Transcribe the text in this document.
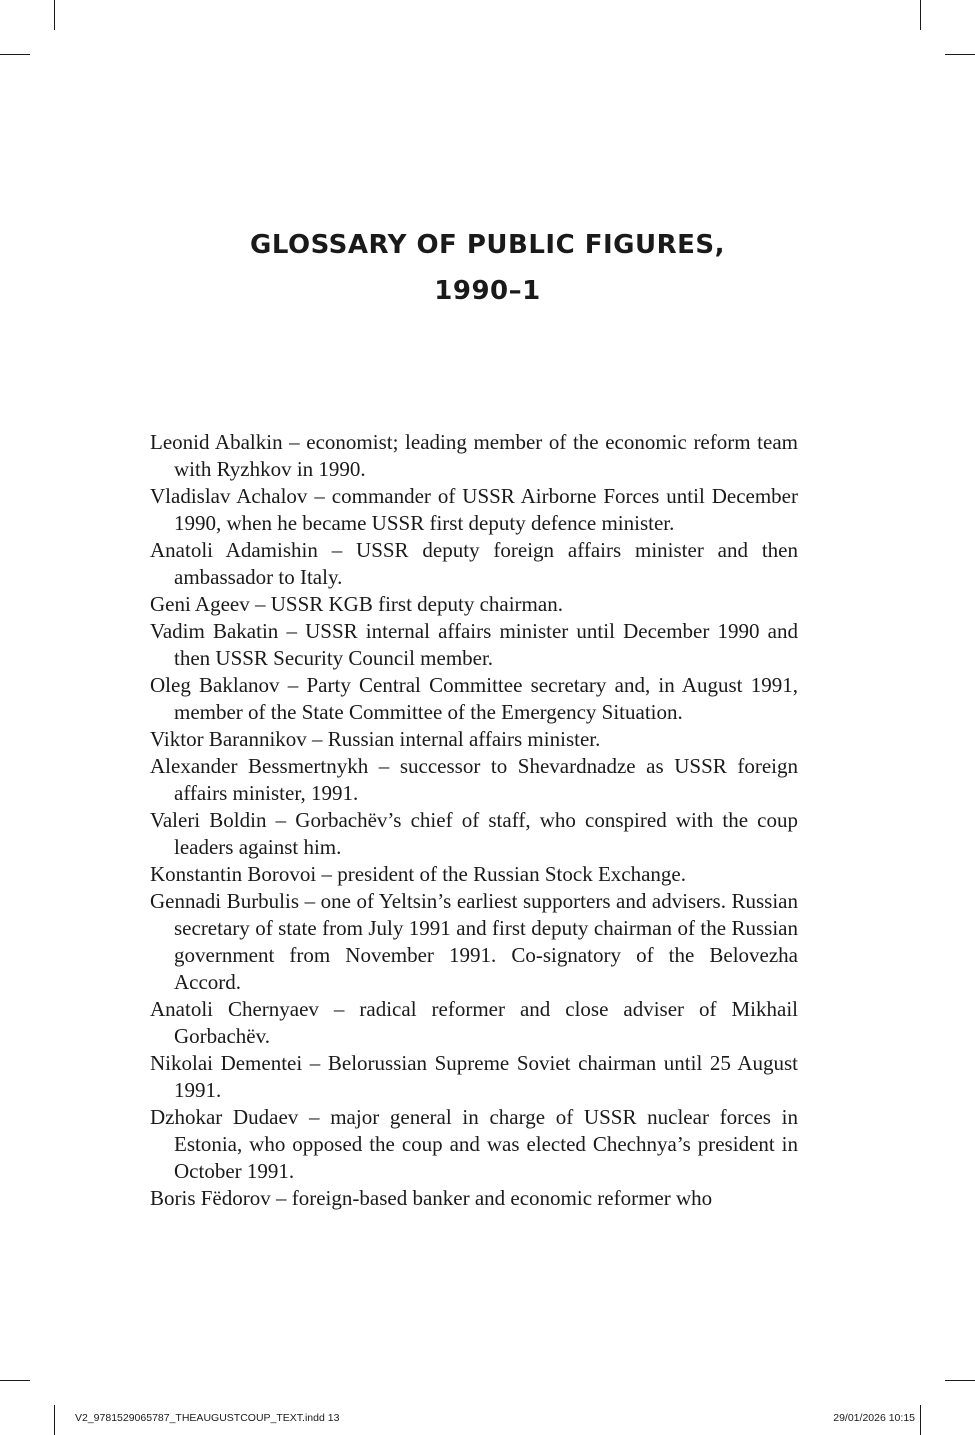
GLOSSARY OF PUBLIC FIGURES,
1990–1

Leonid Abalkin – economist; leading member of the economic reform team with Ryzhkov in 1990.

Vladislav Achalov – commander of USSR Airborne Forces until December 1990, when he became USSR first deputy defence minister.

Anatoli Adamishin – USSR deputy foreign affairs minister and then ambassador to Italy.

Geni Ageev – USSR KGB first deputy chairman.

Vadim Bakatin – USSR internal affairs minister until December 1990 and then USSR Security Council member.

Oleg Baklanov – Party Central Committee secretary and, in August 1991, member of the State Committee of the Emergency Situation.

Viktor Barannikov – Russian internal affairs minister.

Alexander Bessmertnykh – successor to Shevardnadze as USSR foreign affairs minister, 1991.

Valeri Boldin – Gorbachëv’s chief of staff, who conspired with the coup leaders against him.

Konstantin Borovoi – president of the Russian Stock Exchange.

Gennadi Burbulis – one of Yeltsin’s earliest supporters and advisers. Russian secretary of state from July 1991 and first deputy chairman of the Russian government from November 1991. Co-signatory of the Belovezha Accord.

Anatoli Chernyaev – radical reformer and close adviser of Mikhail Gorbachëv.

Nikolai Dementei – Belorussian Supreme Soviet chairman until 25 August 1991.

Dzhokar Dudaev – major general in charge of USSR nuclear forces in Estonia, who opposed the coup and was elected Chechnya’s president in October 1991.

Boris Fëdorov – foreign-based banker and economic reformer who

V2_9781529065787_THEAUGUSTCOUP_TEXT.indd 13	29/01/2026 10:15
